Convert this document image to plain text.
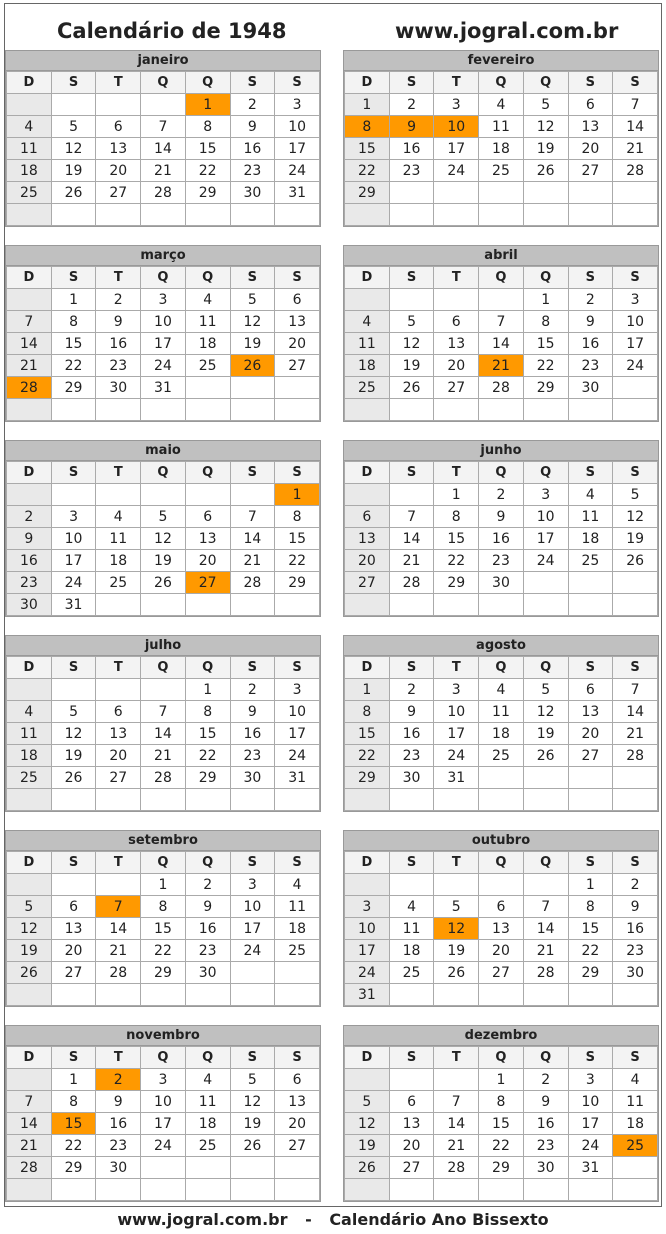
Calendário de 1948	www.jogral.com.br
janeiro
D	S	T	Q	Q	S	S
				1	2	3
4	5	6	7	8	9	10
11	12	13	14	15	16	17
18	19	20	21	22	23	24
25	26	27	28	29	30	31

fevereiro
D	S	T	Q	Q	S	S
1	2	3	4	5	6	7
8	9	10	11	12	13	14
15	16	17	18	19	20	21
22	23	24	25	26	27	28
29						

março
D	S	T	Q	Q	S	S
	1	2	3	4	5	6
7	8	9	10	11	12	13
14	15	16	17	18	19	20
21	22	23	24	25	26	27
28	29	30	31			

abril
D	S	T	Q	Q	S	S
				1	2	3
4	5	6	7	8	9	10
11	12	13	14	15	16	17
18	19	20	21	22	23	24
25	26	27	28	29	30	

maio
D	S	T	Q	Q	S	S
						1
2	3	4	5	6	7	8
9	10	11	12	13	14	15
16	17	18	19	20	21	22
23	24	25	26	27	28	29
30	31					
junho
D	S	T	Q	Q	S	S
		1	2	3	4	5
6	7	8	9	10	11	12
13	14	15	16	17	18	19
20	21	22	23	24	25	26
27	28	29	30			

julho
D	S	T	Q	Q	S	S
				1	2	3
4	5	6	7	8	9	10
11	12	13	14	15	16	17
18	19	20	21	22	23	24
25	26	27	28	29	30	31

agosto
D	S	T	Q	Q	S	S
1	2	3	4	5	6	7
8	9	10	11	12	13	14
15	16	17	18	19	20	21
22	23	24	25	26	27	28
29	30	31				

setembro
D	S	T	Q	Q	S	S
			1	2	3	4
5	6	7	8	9	10	11
12	13	14	15	16	17	18
19	20	21	22	23	24	25
26	27	28	29	30		

outubro
D	S	T	Q	Q	S	S
					1	2
3	4	5	6	7	8	9
10	11	12	13	14	15	16
17	18	19	20	21	22	23
24	25	26	27	28	29	30
31						
novembro
D	S	T	Q	Q	S	S
	1	2	3	4	5	6
7	8	9	10	11	12	13
14	15	16	17	18	19	20
21	22	23	24	25	26	27
28	29	30				

dezembro
D	S	T	Q	Q	S	S
			1	2	3	4
5	6	7	8	9	10	11
12	13	14	15	16	17	18
19	20	21	22	23	24	25
26	27	28	29	30	31	

www.jogral.com.br - Calendário Ano Bissexto
